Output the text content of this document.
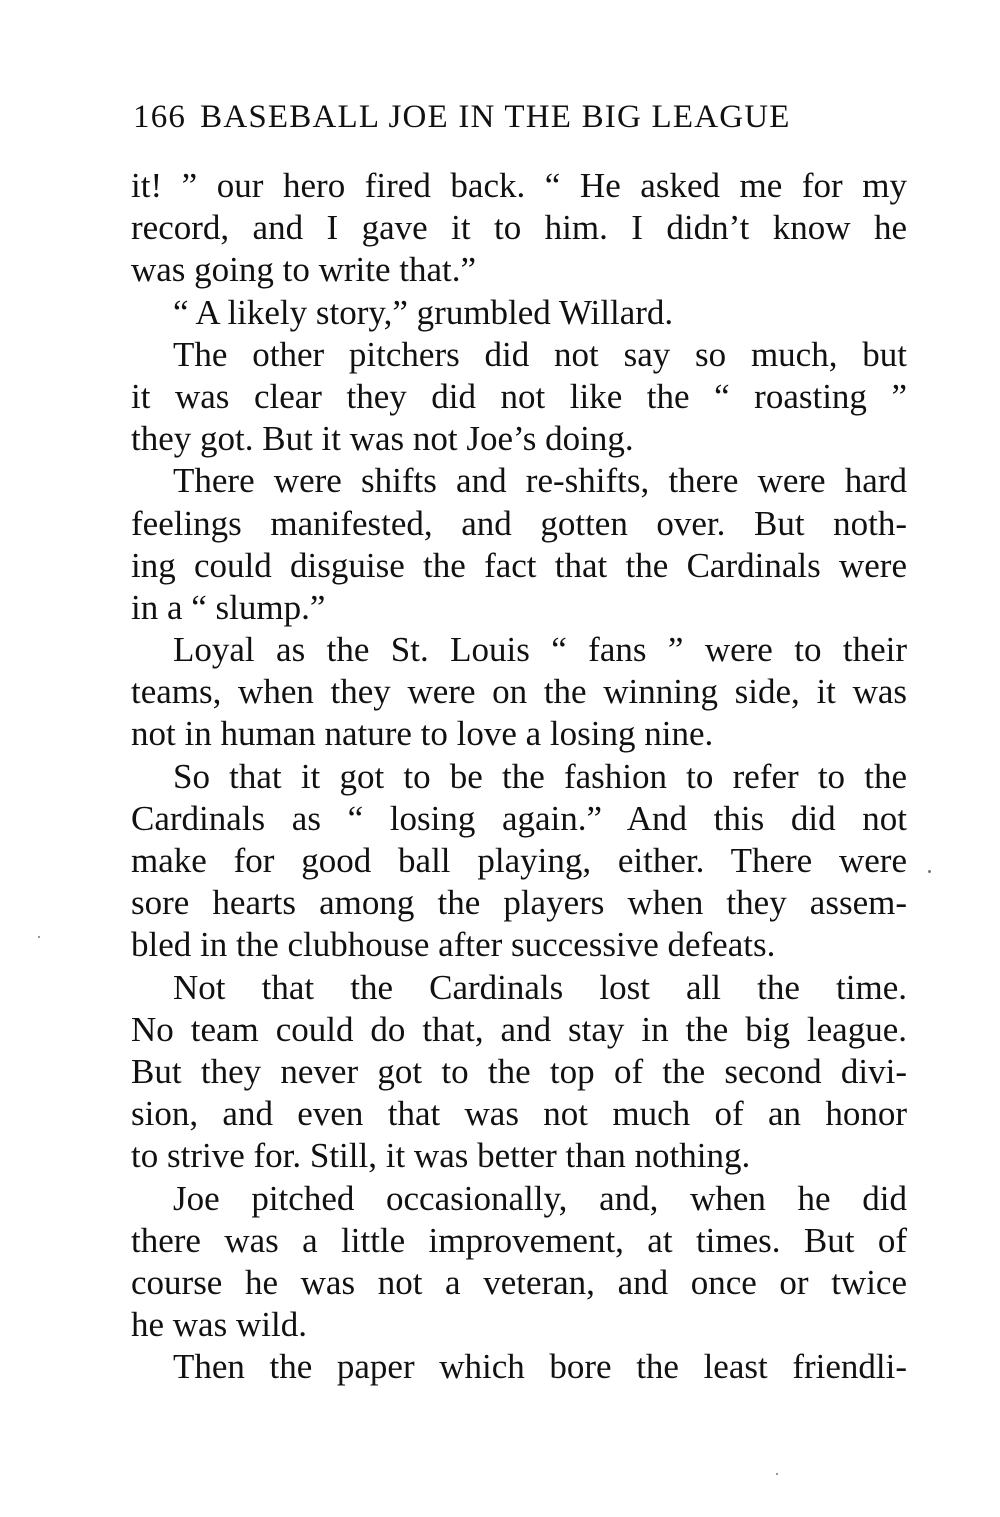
166 BASEBALL JOE IN THE BIG LEAGUE
it! ” our hero fired back. “ He asked me for my
record, and I gave it to him. I didn’t know he
was going to write that.”
“ A likely story,” grumbled Willard.
The other pitchers did not say so much, but
it was clear they did not like the “ roasting ”
they got. But it was not Joe’s doing.
There were shifts and re-shifts, there were hard
feelings manifested, and gotten over. But noth-
ing could disguise the fact that the Cardinals were
in a “ slump.”
Loyal as the St. Louis “ fans ” were to their
teams, when they were on the winning side, it was
not in human nature to love a losing nine.
So that it got to be the fashion to refer to the
Cardinals as “ losing again.” And this did not
make for good ball playing, either. There were
sore hearts among the players when they assem-
bled in the clubhouse after successive defeats.
Not that the Cardinals lost all the time.
No team could do that, and stay in the big league.
But they never got to the top of the second divi-
sion, and even that was not much of an honor
to strive for. Still, it was better than nothing.
Joe pitched occasionally, and, when he did
there was a little improvement, at times. But of
course he was not a veteran, and once or twice
he was wild.
Then the paper which bore the least friendli-
